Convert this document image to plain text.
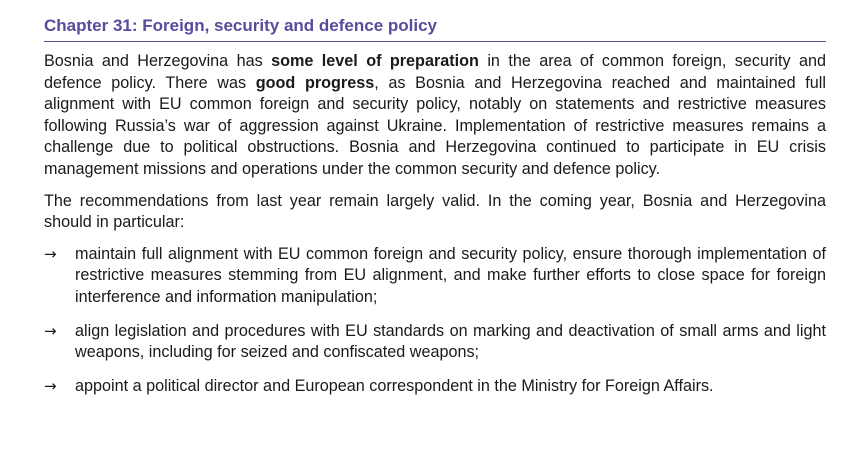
Chapter 31: Foreign, security and defence policy

Bosnia and Herzegovina has some level of preparation in the area of common foreign, security and defence policy. There was good progress, as Bosnia and Herzegovina reached and maintained full alignment with EU common foreign and security policy, notably on statements and restrictive measures following Russia’s war of aggression against Ukraine. Implementation of restrictive measures remains a challenge due to political obstructions. Bosnia and Herzegovina continued to participate in EU crisis management missions and operations under the common security and defence policy.

The recommendations from last year remain largely valid. In the coming year, Bosnia and Herzegovina should in particular:

→	maintain full alignment with EU common foreign and security policy, ensure thorough implementation of restrictive measures stemming from EU alignment, and make further efforts to close space for foreign interference and information manipulation;
→	align legislation and procedures with EU standards on marking and deactivation of small arms and light weapons, including for seized and confiscated weapons;
→	appoint a political director and European correspondent in the Ministry for Foreign Affairs.
